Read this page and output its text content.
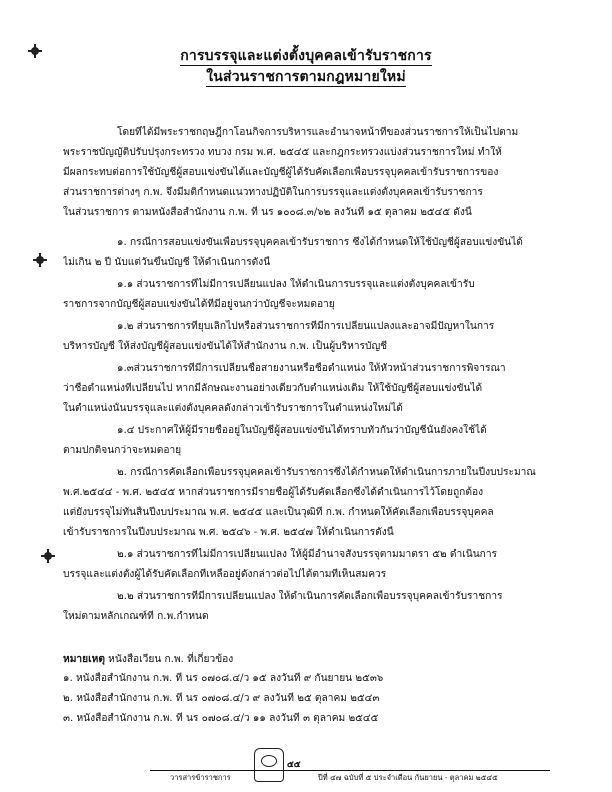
การบรรจุและแต่งตั้งบุคคลเข้ารับราชการ
ในส่วนราชการตามกฎหมายใหม่
โดยที่ได้มีพระราชกฤษฎีกาโอนกิจการบริหารและอำนาจหน้าที่ของส่วนราชการให้เป็นไปตาม
พระราชบัญญัติปรับปรุงกระทรวง ทบวง กรม พ.ศ. ๒๕๔๕ และกฎกระทรวงแบ่งส่วนราชการใหม่ ทำให้
มีผลกระทบต่อการใช้บัญชีผู้สอบแข่งขันได้และบัญชีผู้ได้รับคัดเลือกเพื่อบรรจุบุคคลเข้ารับราชการของ
ส่วนราชการต่างๆ ก.พ. จึงมีมติกำหนดแนวทางปฏิบัติในการบรรจุและแต่งตั้งบุคคลเข้ารับราชการ
ในส่วนราชการ ตามหนังสือสำนักงาน ก.พ. ที่ นร ๑๐๐๘.๓/๖๒ ลงวันที่ ๑๕ ตุลาคม ๒๕๔๕ ดังนี้
๑. กรณีการสอบแข่งขันเพื่อบรรจุบุคคลเข้ารับราชการ ซึ่งได้กำหนดให้ใช้บัญชีผู้สอบแข่งขันได้
ไม่เกิน ๒ ปี นับแต่วันขึ้นบัญชี ให้ดำเนินการดังนี้
๑.๑ ส่วนราชการที่ไม่มีการเปลี่ยนแปลง ให้ดำเนินการบรรจุและแต่งตั้งบุคคลเข้ารับ
ราชการจากบัญชีผู้สอบแข่งขันได้ที่มีอยู่จนกว่าบัญชีจะหมดอายุ
๑.๒ ส่วนราชการที่ยุบเลิกไปหรือส่วนราชการที่มีการเปลี่ยนแปลงและอาจมีปัญหาในการ
บริหารบัญชี ให้ส่งบัญชีผู้สอบแข่งขันได้ให้สำนักงาน ก.พ. เป็นผู้บริหารบัญชี
๑.๓ส่วนราชการที่มีการเปลี่ยนชื่อสายงานหรือชื่อตำแหน่ง ให้หัวหน้าส่วนราชการพิจารณา
ว่าชื่อตำแหน่งที่เปลี่ยนไป หากมีลักษณะงานอย่างเดียวกับตำแหน่งเดิม ให้ใช้บัญชีผู้สอบแข่งขันได้
ในตำแหน่งนั้นบรรจุและแต่งตั้งบุคคลดังกล่าวเข้ารับราชการในตำแหน่งใหม่ได้
๑.๔ ประกาศให้ผู้มีรายชื่ออยู่ในบัญชีผู้สอบแข่งขันได้ทราบทั่วกันว่าบัญชีนั้นยังคงใช้ได้
ตามปกติจนกว่าจะหมดอายุ
๒. กรณีการคัดเลือกเพื่อบรรจุบุคคลเข้ารับราชการซึ่งได้กำหนดให้ดำเนินการภายในปีงบประมาณ
พ.ศ.๒๕๔๔ - พ.ศ. ๒๕๔๕ หากส่วนราชการมีรายชื่อผู้ได้รับคัดเลือกซึ่งได้ดำเนินการไว้โดยถูกต้อง
แต่ยังบรรจุไม่ทันสิ้นปีงบประมาณ พ.ศ. ๒๕๔๕ และเป็นวุฒิที่ ก.พ. กำหนดให้คัดเลือกเพื่อบรรจุบุคคล
เข้ารับราชการในปีงบประมาณ พ.ศ. ๒๕๔๖ - พ.ศ. ๒๕๔๗ ให้ดำเนินการดังนี้
๒.๑ ส่วนราชการที่ไม่มีการเปลี่ยนแปลง ให้ผู้มีอำนาจสั่งบรรจุตามมาตรา ๕๒ ดำเนินการ
บรรจุและแต่งตั้งผู้ได้รับคัดเลือกที่เหลืออยู่ดังกล่าวต่อไปได้ตามที่เห็นสมควร
๒.๒ ส่วนราชการที่มีการเปลี่ยนแปลง ให้ดำเนินการคัดเลือกเพื่อบรรจุบุคคลเข้ารับราชการ
ใหม่ตามหลักเกณฑ์ที่ ก.พ.กำหนด
หมายเหตุ หนังสือเวียน ก.พ. ที่เกี่ยวข้อง
๑. หนังสือสำนักงาน ก.พ. ที่ นร ๐๗๐๘.๔/ว ๑๕ ลงวันที่ ๙ กันยายน ๒๕๓๖
๒. หนังสือสำนักงาน ก.พ. ที่ นร ๐๗๐๘.๔/ว ๙ ลงวันที่ ๒๕ ตุลาคม ๒๕๔๓
๓. หนังสือสำนักงาน ก.พ. ที่ นร ๐๗๐๘.๔/ว ๑๑ ลงวันที่ ๓ ตุลาคม ๒๕๔๕
๕๕
วารสารข้าราชการ	ปีที่ ๔๗ ฉบับที่ ๕ ประจำเดือน กันยายน - ตุลาคม ๒๕๔๕
